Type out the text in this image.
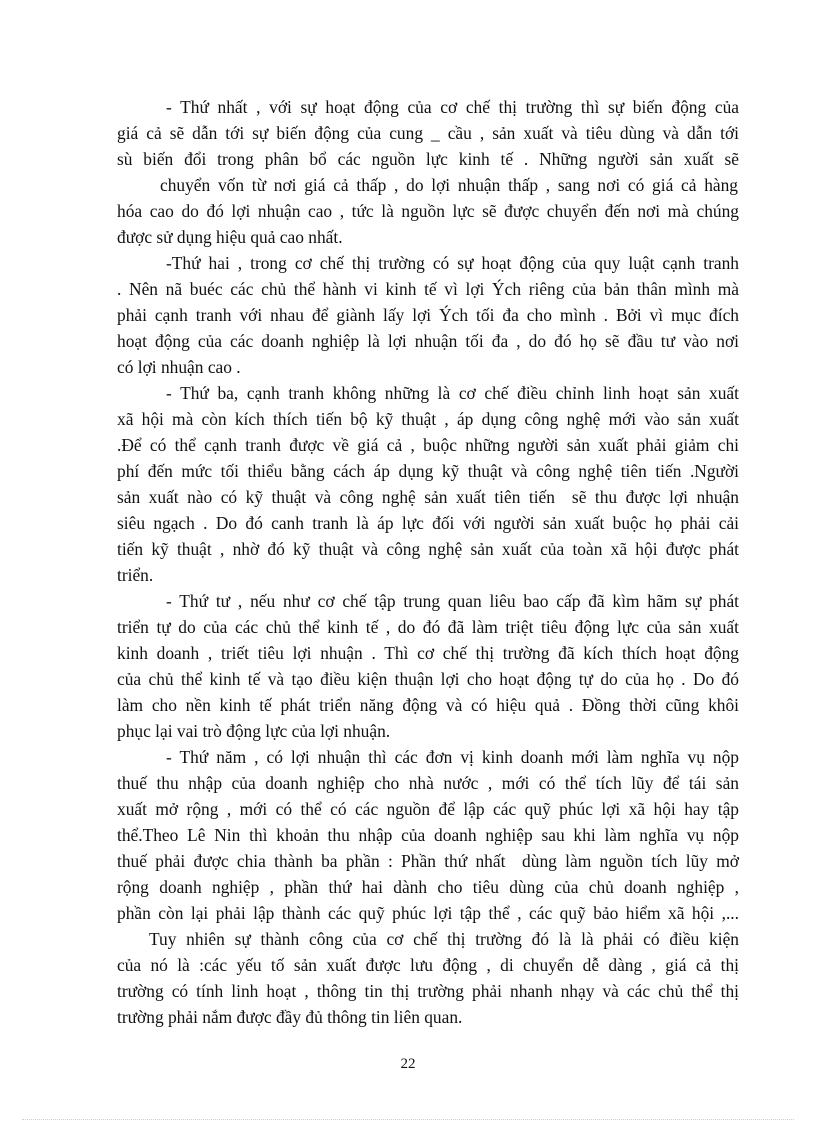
- Thứ nhất , với sự hoạt động của cơ chế thị trường thì sự biến động của

giá cả sẽ dẫn tới sự biến động của cung _ cầu , sản xuất và tiêu dùng và dẫn tới

sù biến đổi trong phân bổ các nguồn lực kinh tế . Những người sản xuất sẽ

chuyển vốn từ nơi giá cả thấp , do lợi nhuận thấp , sang nơi có giá cả hàng

hóa cao do đó lợi nhuận cao , tức là nguồn lực sẽ được chuyển đến nơi mà chúng

được sử dụng hiệu quả cao nhất.

-Thứ hai , trong cơ chế thị trường có sự hoạt động của quy luật cạnh tranh

. Nên nã buéc các chủ thể hành vi kinh tế vì lợi Ých riêng của bản thân mình mà

phải cạnh tranh với nhau để giành lấy lợi Ých tối đa cho mình . Bởi vì mục đích

hoạt động của các doanh nghiệp là lợi nhuận tối đa , do đó họ sẽ đầu tư vào nơi

có lợi nhuận cao .

- Thứ ba, cạnh tranh không những là cơ chế điều chỉnh linh hoạt sản xuất

xã hội mà còn kích thích tiến bộ kỹ thuật , áp dụng công nghệ mới vào sản xuất

.Để có thể cạnh tranh được về giá cả , buộc những người sản xuất phải giảm chi

phí đến mức tối thiểu bằng cách áp dụng kỹ thuật và công nghệ tiên tiến .Người

sản xuất nào có kỹ thuật và công nghệ sản xuất tiên tiến  sẽ thu được lợi nhuận

siêu ngạch . Do đó canh tranh là áp lực đối với người sản xuất buộc họ phải cải

tiến kỹ thuật , nhờ đó kỹ thuật và công nghệ sản xuất của toàn xã hội được phát

triển.

- Thứ tư , nếu như cơ chế tập trung quan liêu bao cấp đã kìm hãm sự phát

triển tự do của các chủ thể kinh tế , do đó đã làm triệt tiêu động lực của sản xuất

kinh doanh , triết tiêu lợi nhuận . Thì cơ chế thị trường đã kích thích hoạt động

của chủ thể kinh tế và tạo điều kiện thuận lợi cho hoạt động tự do của họ . Do đó

làm cho nền kinh tế phát triển năng động và có hiệu quả . Đồng thời cũng khôi

phục lại vai trò động lực của lợi nhuận.

- Thứ năm , có lợi nhuận thì các đơn vị kinh doanh mới làm nghĩa vụ nộp

thuế thu nhập của doanh nghiệp cho nhà nước , mới có thể tích lũy để tái sản

xuất mở rộng , mới có thể có các nguồn để lập các quỹ phúc lợi xã hội hay tập

thể.Theo Lê Nin thì khoản thu nhập của doanh nghiệp sau khi làm nghĩa vụ nộp

thuế phải được chia thành ba phần : Phần thứ nhất  dùng làm nguồn tích lũy mở

rộng doanh nghiệp , phần thứ hai dành cho tiêu dùng của chủ doanh nghiệp ,

phần còn lại phải lập thành các quỹ phúc lợi tập thể , các quỹ bảo hiểm xã hội ,...

Tuy nhiên sự thành công của cơ chế thị trường đó là là phải có điều kiện

của nó là :các yếu tố sản xuất được lưu động , di chuyển dễ dàng , giá cả thị

trường có tính linh hoạt , thông tin thị trường phải nhanh nhạy và các chủ thể thị

trường phải nắm được đầy đủ thông tin liên quan.

22
